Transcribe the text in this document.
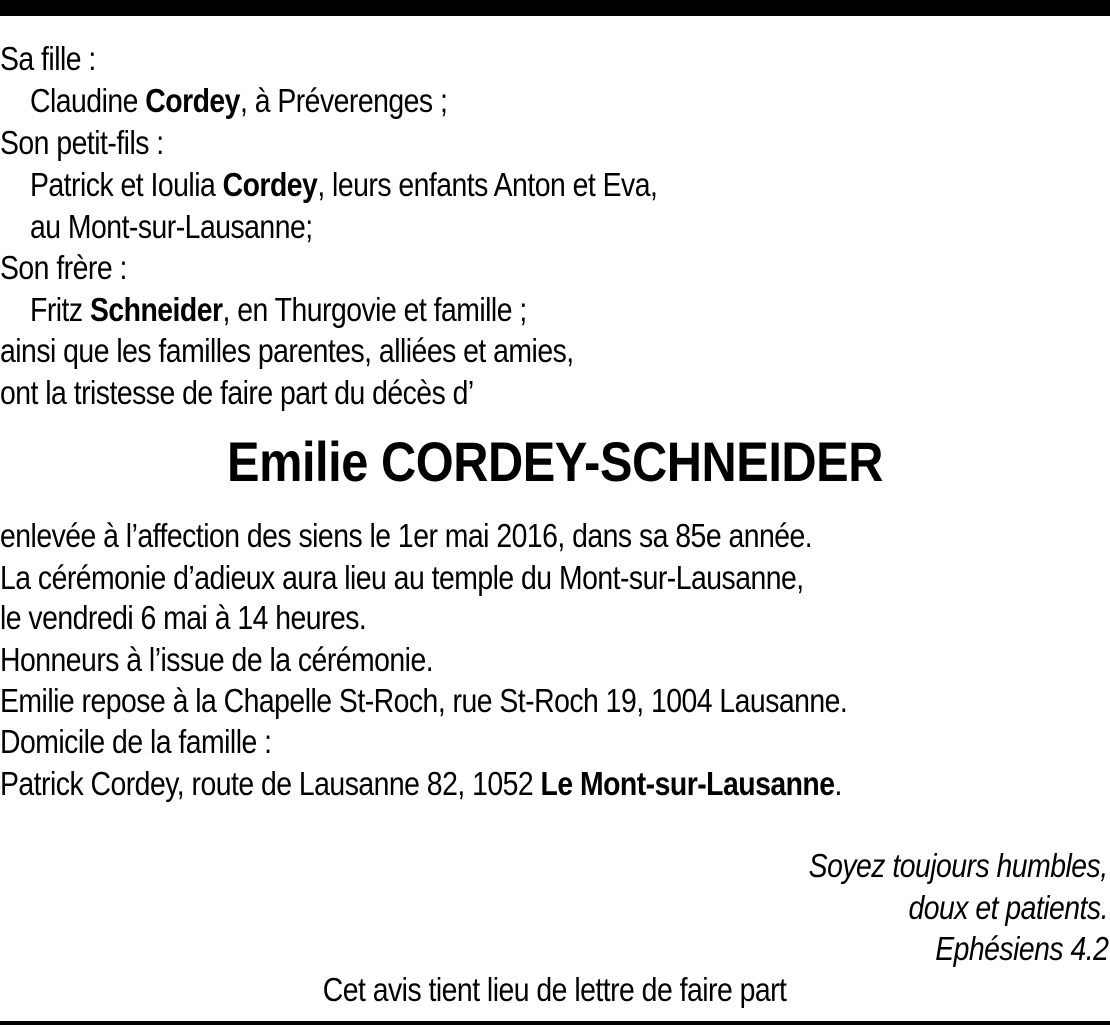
Sa fille :
Claudine Cordey, à Préverenges ;
Son petit-fils :
Patrick et Ioulia Cordey, leurs enfants Anton et Eva,
au Mont-sur-Lausanne;
Son frère :
Fritz Schneider, en Thurgovie et famille ;
ainsi que les familles parentes, alliées et amies,
ont la tristesse de faire part du décès d’
Emilie CORDEY-SCHNEIDER
enlevée à l’affection des siens le 1er mai 2016, dans sa 85e année.
La cérémonie d’adieux aura lieu au temple du Mont-sur-Lausanne,
le vendredi 6 mai à 14 heures.
Honneurs à l’issue de la cérémonie.
Emilie repose à la Chapelle St-Roch, rue St-Roch 19, 1004 Lausanne.
Domicile de la famille :
Patrick Cordey, route de Lausanne 82, 1052 Le Mont-sur-Lausanne.
Soyez toujours humbles,
doux et patients.
Ephésiens 4.2
Cet avis tient lieu de lettre de faire part
